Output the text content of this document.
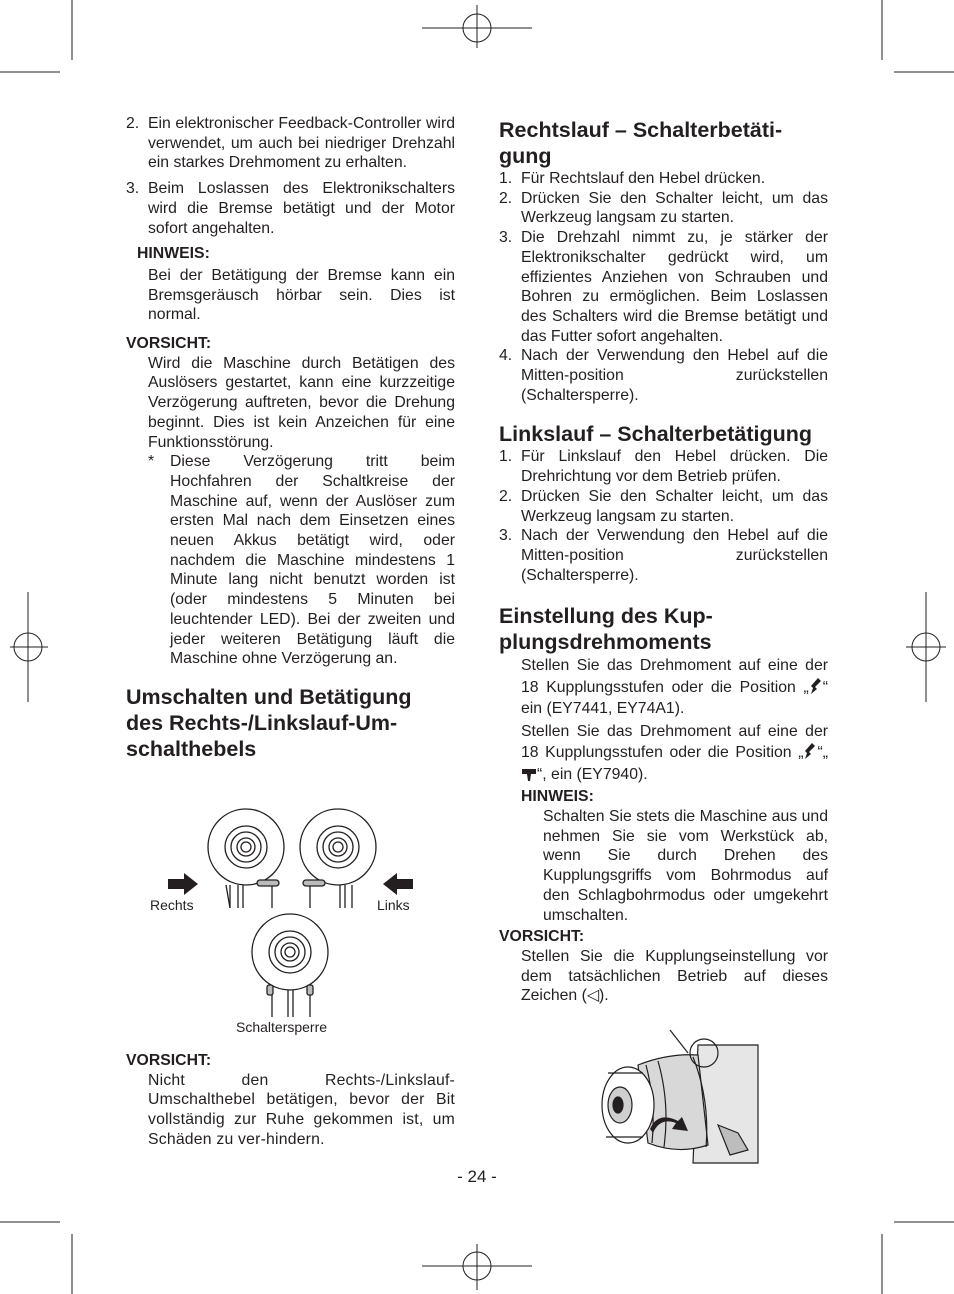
2. Ein elektronischer Feedback-Controller wird verwendet, um auch bei niedriger Drehzahl ein starkes Drehmoment zu erhalten.
3. Beim Loslassen des Elektronikschalters wird die Bremse betätigt und der Motor sofort angehalten.

HINWEIS:

Bei der Betätigung der Bremse kann ein Bremsgeräusch hörbar sein. Dies ist normal.

VORSICHT:

Wird die Maschine durch Betätigen des Auslösers gestartet, kann eine kurzzeitige Verzögerung auftreten, bevor die Drehung beginnt. Dies ist kein Anzeichen für eine Funktionsstörung.

*	Diese Verzögerung tritt beim Hochfahren der Schaltkreise der Maschine auf, wenn der Auslöser zum ersten Mal nach dem Einsetzen eines neuen Akkus betätigt wird, oder nachdem die Maschine mindestens 1 Minute lang nicht benutzt worden ist (oder mindestens 5 Minuten bei leuchtender LED). Bei der zweiten und jeder weiteren Betätigung läuft die Maschine ohne Verzögerung an.

Umschalten und Betätigung

des Rechts-/Linkslauf-Um-

schalthebels

Rechts	Links
Schaltersperre

VORSICHT:

Nicht den Rechts-/Linkslauf-Umschalthebel betätigen, bevor der Bit vollständig zur Ruhe gekommen ist, um Schäden zu ver-hindern.

Rechtslauf – Schalterbetäti-

gung

1. Für Rechtslauf den Hebel drücken.
2. Drücken Sie den Schalter leicht, um das Werkzeug langsam zu starten.
3. Die Drehzahl nimmt zu, je stärker der Elektronikschalter gedrückt wird, um effizientes Anziehen von Schrauben und Bohren zu ermöglichen. Beim Loslassen des Schalters wird die Bremse betätigt und das Futter sofort angehalten.
4. Nach der Verwendung den Hebel auf die Mitten-position zurückstellen (Schaltersperre).

Linkslauf – Schalterbetätigung

1. Für Linkslauf den Hebel drücken. Die Drehrichtung vor dem Betrieb prüfen.
2. Drücken Sie den Schalter leicht, um das Werkzeug langsam zu starten.
3. Nach der Verwendung den Hebel auf die Mitten-position zurückstellen (Schaltersperre).

Einstellung des Kup-

plungsdrehmoments

Stellen Sie das Drehmoment auf eine der 18 Kupplungsstufen oder die Position „ “ ein (EY7441, EY74A1).

Stellen Sie das Drehmoment auf eine der 18 Kupplungsstufen oder die Position „ “„
“, ein (EY7940).

HINWEIS:

Schalten Sie stets die Maschine aus und nehmen Sie sie vom Werkstück ab, wenn Sie durch Drehen des Kupplungsgriffs vom Bohrmodus auf den Schlagbohrmodus oder umgekehrt umschalten.

VORSICHT:

Stellen Sie die Kupplungseinstellung vor dem tatsächlichen Betrieb auf dieses Zeichen (◁).

- 24 -
